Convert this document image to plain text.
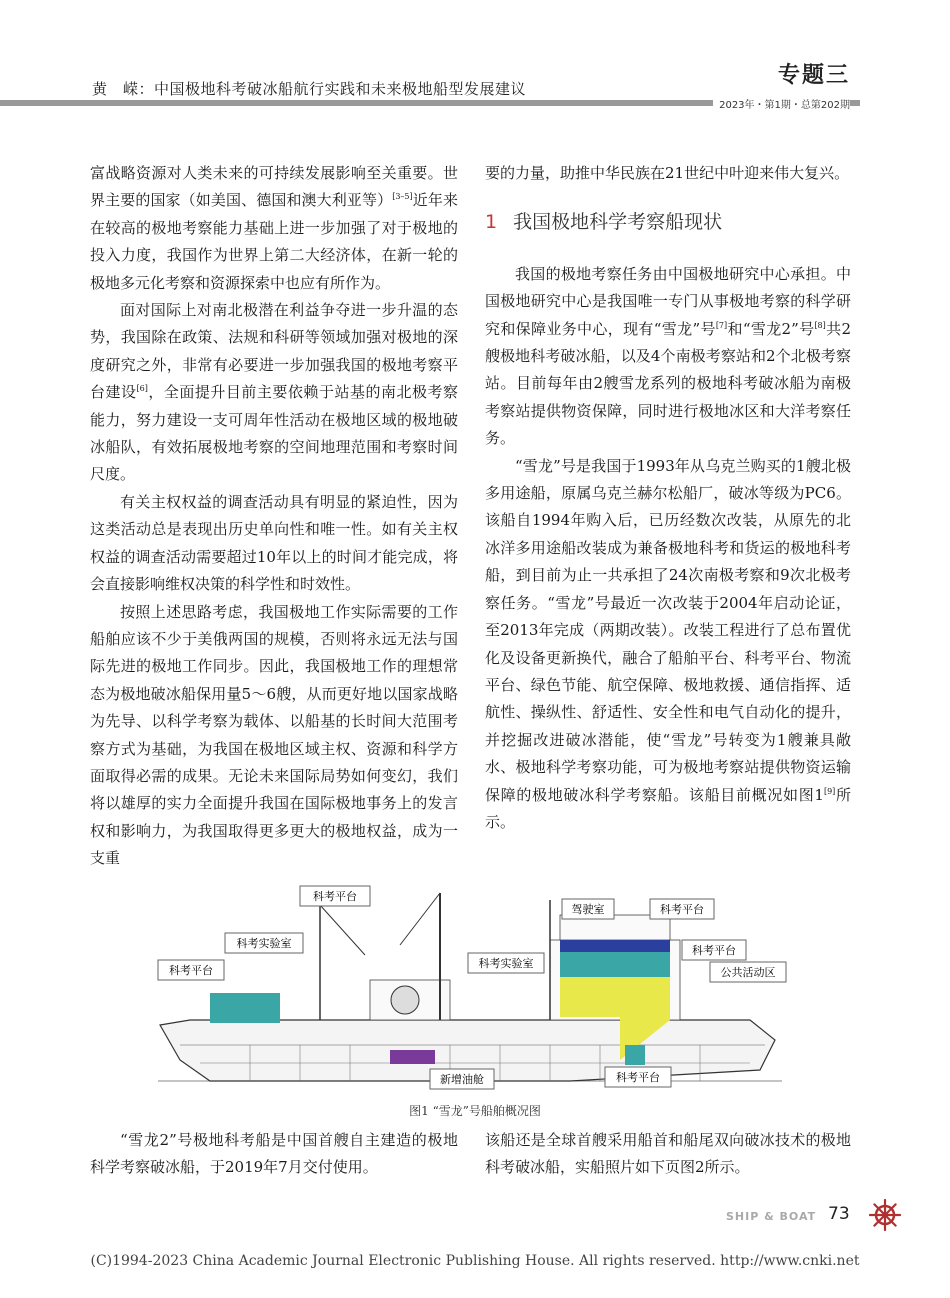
黄　嵘：中国极地科考破冰船航行实践和未来极地船型发展建议
专题三
2023年・第1期・总第202期

富战略资源对人类未来的可持续发展影响至关重要。世界主要的国家（如美国、德国和澳大利亚等）[3–5]近年来在较高的极地考察能力基础上进一步加强了对于极地的投入力度，我国作为世界上第二大经济体，在新一轮的极地多元化考察和资源探索中也应有所作为。

面对国际上对南北极潜在利益争夺进一步升温的态势，我国除在政策、法规和科研等领域加强对极地的深度研究之外，非常有必要进一步加强我国的极地考察平台建设[6]，全面提升目前主要依赖于站基的南北极考察能力，努力建设一支可周年性活动在极地区域的极地破冰船队，有效拓展极地考察的空间地理范围和考察时间尺度。

有关主权权益的调查活动具有明显的紧迫性，因为这类活动总是表现出历史单向性和唯一性。如有关主权权益的调查活动需要超过10年以上的时间才能完成，将会直接影响维权决策的科学性和时效性。

按照上述思路考虑，我国极地工作实际需要的工作船舶应该不少于美俄两国的规模，否则将永远无法与国际先进的极地工作同步。因此，我国极地工作的理想常态为极地破冰船保用量5～6艘，从而更好地以国家战略为先导、以科学考察为载体、以船基的长时间大范围考察方式为基础，为我国在极地区域主权、资源和科学方面取得必需的成果。无论未来国际局势如何变幻，我们将以雄厚的实力全面提升我国在国际极地事务上的发言权和影响力，为我国取得更多更大的极地权益，成为一支重

要的力量，助推中华民族在21世纪中叶迎来伟大复兴。

1 我国极地科学考察船现状

我国的极地考察任务由中国极地研究中心承担。中国极地研究中心是我国唯一专门从事极地考察的科学研究和保障业务中心，现有“雪龙”号[7]和“雪龙2”号[8]共2艘极地科考破冰船，以及4个南极考察站和2个北极考察站。目前每年由2艘雪龙系列的极地科考破冰船为南极考察站提供物资保障，同时进行极地冰区和大洋考察任务。

“雪龙”号是我国于1993年从乌克兰购买的1艘北极多用途船，原属乌克兰赫尔松船厂，破冰等级为PC6。该船自1994年购入后，已历经数次改装，从原先的北冰洋多用途船改装成为兼备极地科考和货运的极地科考船，到目前为止一共承担了24次南极考察和9次北极考察任务。“雪龙”号最近一次改装于2004年启动论证，至2013年完成（两期改装）。改装工程进行了总布置优化及设备更新换代，融合了船舶平台、科考平台、物流平台、绿色节能、航空保障、极地救援、通信指挥、适航性、操纵性、舒适性、安全性和电气自动化的提升，并挖掘改进破冰潜能，使“雪龙”号转变为1艘兼具敞水、极地科学考察功能，可为极地考察站提供物资运输保障的极地破冰科学考察船。该船目前概况如图1[9]所示。

科考平台
科考实验室
科考平台
科考实验室
驾驶室	科考平台
科考平台
公共活动区
新增油舱	科考平台
图1 “雪龙”号船舶概况图

“雪龙2”号极地科考船是中国首艘自主建造的极地科学考察破冰船，于2019年7月交付使用。

该船还是全球首艘采用船首和船尾双向破冰技术的极地科考破冰船，实船照片如下页图2所示。

SHIP & BOAT 73
(C)1994-2023 China Academic Journal Electronic Publishing House. All rights reserved. http://www.cnki.net
